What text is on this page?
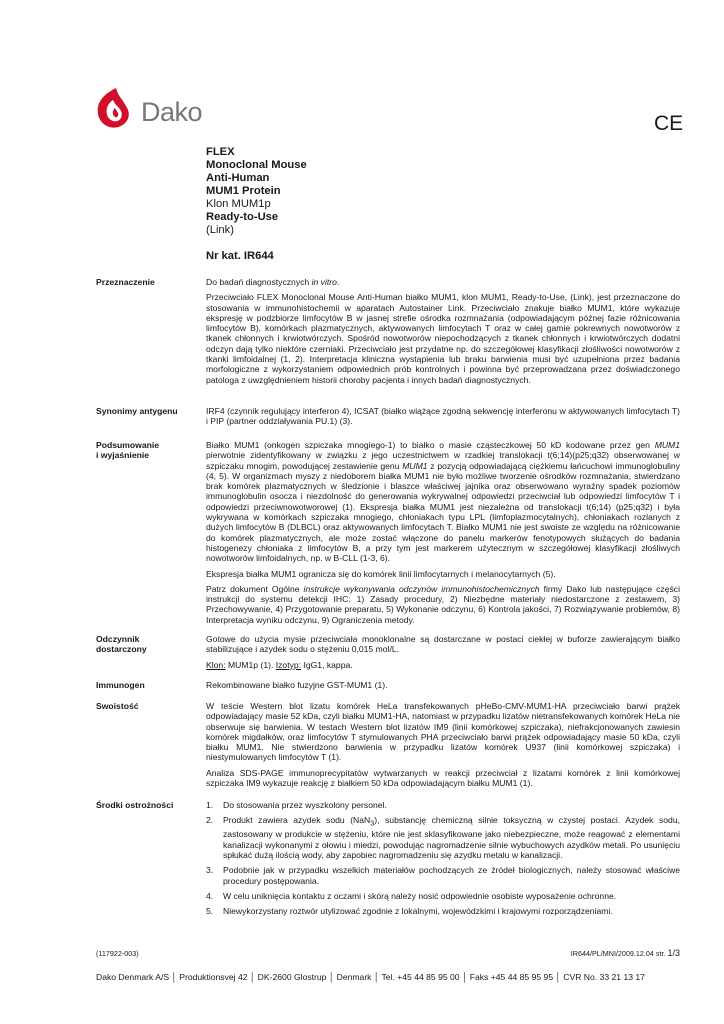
Dako	CE
FLEX
Monoclonal Mouse
Anti-Human
MUM1 Protein
Klon MUM1p
Ready-to-Use
(Link)
Nr kat. IR644
Przeznaczenie	Do badań diagnostycznych in vitro.

Przeciwciało FLEX Monoclonal Mouse Anti-Human białko MUM1, klon MUM1, Ready-to-Use, (Link), jest przeznaczone do stosowania w immunohistochemii w aparatach Autostainer Link. Przeciwciało znakuje białko MUM1, które wykazuje ekspresję w podzbiorze limfocytów B w jasnej strefie ośrodka rozmnażania (odpowiadającym późnej fazie różnicowania limfocytów B), komórkach plazmatycznych, aktywowanych limfocytach T oraz w całej gamie pokrewnych nowotworów z tkanek chłonnych i krwiotwórczych. Spośród nowotworów niepochodzących z tkanek chłonnych i krwiotwórczych dodatni odczyn dają tylko niektóre czerniaki. Przeciwciało jest przydatne np. do szczegółowej klasyfikacji złośliwości nowotworów z tkanki limfoidalnej (1, 2). Interpretacja kliniczna wystąpienia lub braku barwienia musi być uzupełniona przez badania morfologiczne z wykorzystaniem odpowiednich prób kontrolnych i powinna być przeprowadzana przez doświadczonego patologa z uwzględnieniem historii choroby pacjenta i innych badań diagnostycznych.

Synonimy antygenu	IRF4 (czynnik regulujący interferon 4), ICSAT (białko wiążące zgodną sekwencję interferonu w aktywowanych limfocytach T) i PIP (partner oddziaływania PU.1) (3).

Podsumowanie
i wyjaśnienie

Białko MUM1 (onkogen szpiczaka mnogiego-1) to białko o masie cząsteczkowej 50 kD kodowane przez gen MUM1 pierwotnie zidentyfikowany w związku z jego uczestnictwem w rzadkiej translokacji t(6;14)(p25;q32) obserwowanej w szpiczaku mnogim, powodującej zestawienie genu MUM1 z pozycją odpowiadającą ciężkiemu łańcuchowi immunoglobuliny (4, 5). W organizmach myszy z niedoborem białka MUM1 nie było możliwe tworzenie ośrodków rozmnażania, stwierdzano brak komórek plazmatycznych w śledzionie i blaszce właściwej jajnika oraz obserwowano wyraźny spadek poziomów immunoglobulin osocza i niezdolność do generowania wykrywalnej odpowiedzi przeciwciał lub odpowiedzi limfocytów T i odpowiedzi przeciwnowotworowej (1). Ekspresja białka MUM1 jest niezależna od translokacji t(6;14) (p25;q32) i była wykrywana w komórkach szpiczaka mnogiego, chłoniakach typu LPL (limfoplazmocytalnych), chłoniakach rozlanych z dużych limfocytów B (DLBCL) oraz aktywowanych limfocytach T. Białko MUM1 nie jest swoiste ze względu na różnicowanie do komórek plazmatycznych, ale może zostać włączone do panelu markerów fenotypowych służących do badania histogenezy chłoniaka z limfocytów B, a przy tym jest markerem użytecznym w szczegółowej klasyfikacji złośliwych nowotworów limfoidalnych, np. w B-CLL (1-3, 6).

Ekspresja białka MUM1 ogranicza się do komórek linii limfocytarnych i melanocytarnych (5).

Patrz dokument Ogólne instrukcje wykonywania odczynów immunohistochemicznych firmy Dako lub następujące części instrukcji do systemu detekcji IHC: 1) Zasady procedury, 2) Niezbędne materiały niedostarczone z zestawem, 3) Przechowywanie, 4) Przygotowanie preparatu, 5) Wykonanie odczynu, 6) Kontrola jakości, 7) Rozwiązywanie problemów, 8) Interpretacja wyniku odczynu, 9) Ograniczenia metody.

Odczynnik
dostarczony

Gotowe do użycia mysie przeciwciała monoklonalne są dostarczane w postaci ciekłej w buforze zawierającym białko stabilizujące i azydek sodu o stężeniu 0,015 mol/L.

Klon: MUM1p (1). Izotyp: IgG1, kappa.

Immunogen	Rekombinowane białko fuzyjne GST-MUM1 (1).

Swoistość	W teście Western blot lizatu komórek HeLa transfekowanych pHeBo-CMV-MUM1-HA przeciwciało barwi prążek odpowiadający masie 52 kDa, czyli białku MUM1-HA, natomiast w przypadku lizatów nietransfekowanych komórek HeLa nie obserwuje się barwienia. W testach Western blot lizatów IM9 (linii komórkowej szpiczaka), niefrakcjonowanych zawiesin komórek migdałków, oraz limfocytów T stymulowanych PHA przeciwciało barwi prążek odpowiadający masie 50 kDa, czyli białku MUM1. Nie stwierdzono barwienia w przypadku lizatów komórek U937 (linii komórkowej szpiczaka) i niestymulowanych limfocytów T (1).

Analiza SDS-PAGE immunoprecypitatów wytwarzanych w reakcji przeciwciał z lizatami komórek z linii komórkowej szpiczaka IM9 wykazuje reakcję z białkiem 50 kDa odpowiadającym białku MUM1 (1).

Środki ostrożności	1. Do stosowania przez wyszkolony personel.
2. Produkt zawiera azydek sodu (NaN$_3$), substancję chemiczną silnie toksyczną w czystej postaci. Azydek sodu, zastosowany w produkcie w stężeniu, które nie jest sklasyfikowane jako niebezpieczne, może reagować z elementami kanalizacji wykonanymi z ołowiu i miedzi, powodując nagromadzenie silnie wybuchowych azydków metali. Po usunięciu spłukać dużą ilością wody, aby zapobiec nagromadzeniu się azydku metalu w kanalizacji.
3. Podobnie jak w przypadku wszelkich materiałów pochodzących ze źródeł biologicznych, należy stosować właściwe procedury postępowania.
4. W celu uniknięcia kontaktu z oczami i skórą należy nosić odpowiednie osobiste wyposażenie ochronne.
5. Niewykorzystany roztwór utylizować zgodnie z lokalnymi, wojewódzkimi i krajowymi rozporządzeniami.
(117922-003)	IR644/PL/MNI/2009.12.04 str. 1/3
Dako Denmark A/S │ Produktionsvej 42 │ DK-2600 Glostrup │ Denmark │ Tel. +45 44 85 95 00 │ Faks +45 44 85 95 95 │ CVR No. 33 21 13 17
